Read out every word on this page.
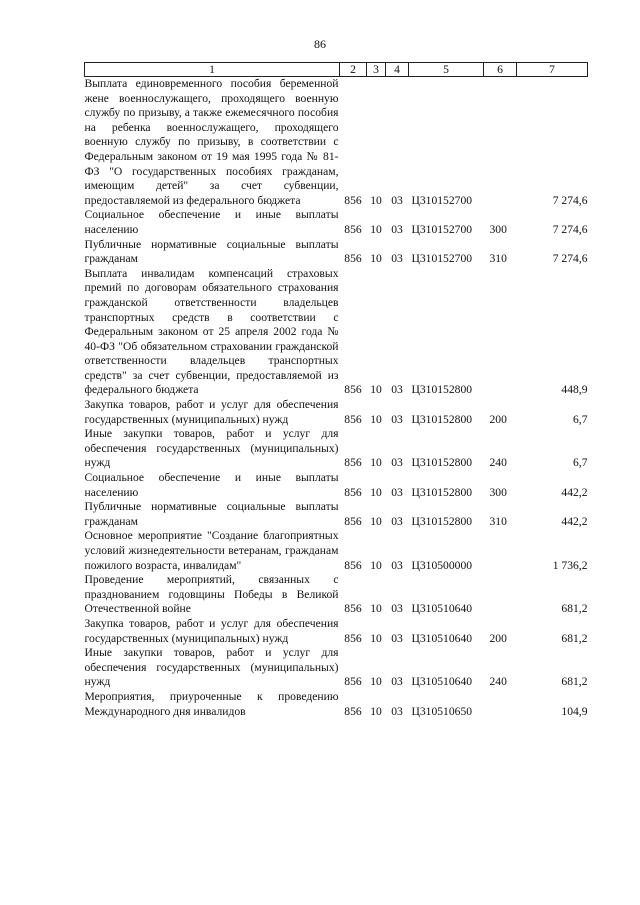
86
1	2	3	4	5	6	7
Выплата единовременного пособия беременной жене военнослужащего, проходящего военную службу по призыву, а также ежемесячного пособия на ребенка военнослужащего, проходящего военную службу по призыву, в соответствии с Федеральным законом от 19 мая 1995 года № 81-ФЗ "О государственных пособиях гражданам, имеющим детей" за счет субвенции, предоставляемой из федерального бюджета	856	10	03	Ц310152700		7 274,6
Социальное обеспечение и иные выплаты населению	856	10	03	Ц310152700	300	7 274,6
Публичные нормативные социальные выплаты гражданам	856	10	03	Ц310152700	310	7 274,6
Выплата инвалидам компенсаций страховых премий по договорам обязательного страхования гражданской ответственности владельцев транспортных средств в соответствии с Федеральным законом от 25 апреля 2002 года № 40-ФЗ "Об обязательном страховании гражданской ответственности владельцев транспортных средств" за счет субвенции, предоставляемой из федерального бюджета	856	10	03	Ц310152800		448,9
Закупка товаров, работ и услуг для обеспечения государственных (муниципальных) нужд	856	10	03	Ц310152800	200	6,7
Иные закупки товаров, работ и услуг для обеспечения государственных (муниципальных) нужд	856	10	03	Ц310152800	240	6,7
Социальное обеспечение и иные выплаты населению	856	10	03	Ц310152800	300	442,2
Публичные нормативные социальные выплаты гражданам	856	10	03	Ц310152800	310	442,2
Основное мероприятие "Создание благоприятных условий жизнедеятельности ветеранам, гражданам пожилого возраста, инвалидам"	856	10	03	Ц310500000		1 736,2
Проведение мероприятий, связанных с празднованием годовщины Победы в Великой Отечественной войне	856	10	03	Ц310510640		681,2
Закупка товаров, работ и услуг для обеспечения государственных (муниципальных) нужд	856	10	03	Ц310510640	200	681,2
Иные закупки товаров, работ и услуг для обеспечения государственных (муниципальных) нужд	856	10	03	Ц310510640	240	681,2
Мероприятия, приуроченные к проведению Международного дня инвалидов	856	10	03	Ц310510650		104,9
